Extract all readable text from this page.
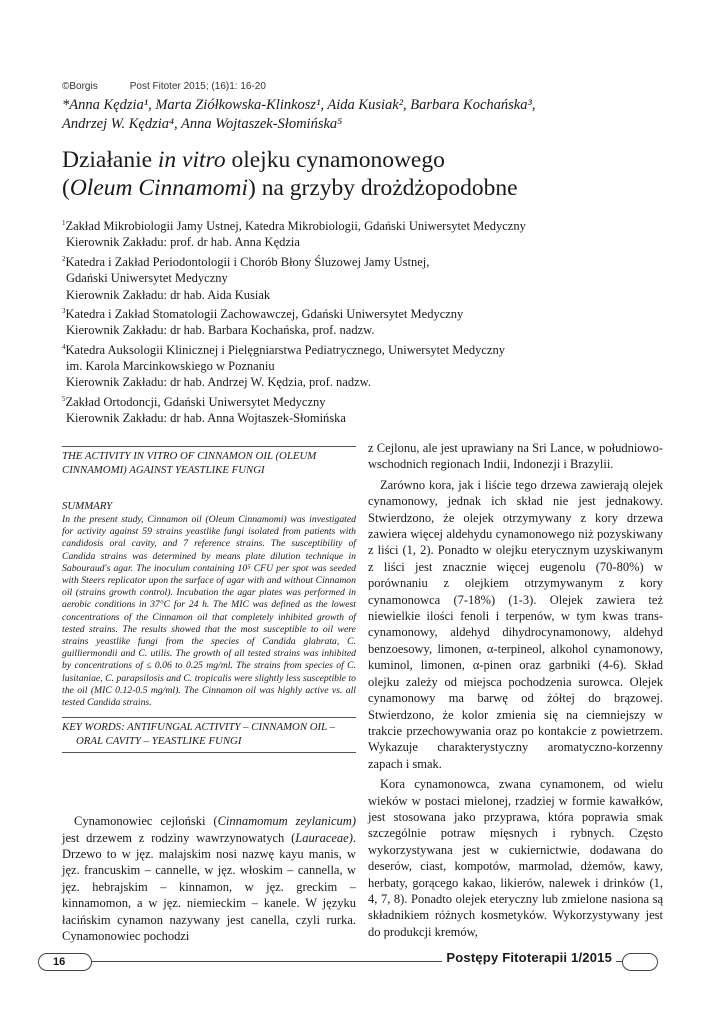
©Borgis	Post Fitoter 2015; (16)1: 16-20
*Anna Kędzia¹, Marta Ziółkowska-Klinkosz¹, Aida Kusiak², Barbara Kochańska³,
Andrzej W. Kędzia⁴, Anna Wojtaszek-Słomińska⁵
Działanie in vitro olejku cynamonowego
(Oleum Cinnamomi) na grzyby drożdżopodobne
$^1$Zakład Mikrobiologii Jamy Ustnej, Katedra Mikrobiologii, Gdański Uniwersytet Medyczny
Kierownik Zakładu: prof. dr hab. Anna Kędzia
$^2$Katedra i Zakład Periodontologii i Chorób Błony Śluzowej Jamy Ustnej,
Gdański Uniwersytet Medyczny
Kierownik Zakładu: dr hab. Aida Kusiak
$^3$Katedra i Zakład Stomatologii Zachowawczej, Gdański Uniwersytet Medyczny
Kierownik Zakładu: dr hab. Barbara Kochańska, prof. nadzw.
$^4$Katedra Auksologii Klinicznej i Pielęgniarstwa Pediatrycznego, Uniwersytet Medyczny
im. Karola Marcinkowskiego w Poznaniu
Kierownik Zakładu: dr hab. Andrzej W. Kędzia, prof. nadzw.
$^5$Zakład Ortodoncji, Gdański Uniwersytet Medyczny
Kierownik Zakładu: dr hab. Anna Wojtaszek-Słomińska
THE ACTIVITY IN VITRO OF CINNAMON OIL (OLEUM CINNAMOMI) AGAINST YEASTLIKE FUNGI
SUMMARY
In the present study, Cinnamon oil (Oleum Cinnamomi) was investigated for activity against 59 strains yeastlike fungi isolated from patients with candidosis oral cavity, and 7 reference strains. The susceptibility of Candida strains was determined by means plate dilution technique in Sabouraud's agar. The inoculum containing 10⁵ CFU per spot was seeded with Steers replicator upon the surface of agar with and without Cinnamon oil (strains growth control). Incubation the agar plates was performed in aerobic conditions in 37°C for 24 h. The MIC was defined as the lowest concentrations of the Cinnamon oil that completely inhibited growth of tested strains. The results showed that the most susceptible to oil were strains yeastlike fungi from the species of Candida glabrata, C. guilliermondii and C. utilis. The growth of all tested strains was inhibited by concentrations of ≤ 0.06 to 0.25 mg/ml. The strains from species of C. lusitaniae, C. parapsilosis and C. tropicalis were slightly less susceptible to the oil (MIC 0.12-0.5 mg/ml). The Cinnamon oil was highly active vs. all tested Candida strains.
KEY WORDS: ANTIFUNGAL ACTIVITY – CINNAMON OIL – ORAL CAVITY – YEASTLIKE FUNGI
Cynamonowiec cejloński (Cinnamomum zeylanicum) jest drzewem z rodziny wawrzynowatych (Lauraceae). Drzewo to w jęz. malajskim nosi nazwę kayu manis, w jęz. francuskim – cannelle, w jęz. włoskim – cannella, w jęz. hebrajskim – kinnamon, w jęz. greckim – kinnamomon, a w jęz. niemieckim – kanele. W języku łacińskim cynamon nazywany jest canella, czyli rurka. Cynamonowiec pochodzi

z Cejlonu, ale jest uprawiany na Sri Lance, w południowo-wschodnich regionach Indii, Indonezji i Brazylii.

Zarówno kora, jak i liście tego drzewa zawierają olejek cynamonowy, jednak ich skład nie jest jednakowy. Stwierdzono, że olejek otrzymywany z kory drzewa zawiera więcej aldehydu cynamonowego niż pozyskiwany z liści (1, 2). Ponadto w olejku eterycznym uzyskiwanym z liści jest znacznie więcej eugenolu (70-80%) w porównaniu z olejkiem otrzymywanym z kory cynamonowca (7-18%) (1-3). Olejek zawiera też niewielkie ilości fenoli i terpenów, w tym kwas trans-cynamonowy, aldehyd dihydrocynamonowy, aldehyd benzoesowy, limonen, α-terpineol, alkohol cynamonowy, kuminol, limonen, α-pinen oraz garbniki (4-6). Skład olejku zależy od miejsca pochodzenia surowca. Olejek cynamonowy ma barwę od żółtej do brązowej. Stwierdzono, że kolor zmienia się na ciemniejszy w trakcie przechowywania oraz po kontakcie z powietrzem. Wykazuje charakterystyczny aromatyczno-korzenny zapach i smak.

Kora cynamonowca, zwana cynamonem, od wielu wieków w postaci mielonej, rzadziej w formie kawałków, jest stosowana jako przyprawa, która poprawia smak szczególnie potraw mięsnych i rybnych. Często wykorzystywana jest w cukiernictwie, dodawana do deserów, ciast, kompotów, marmolad, dżemów, kawy, herbaty, gorącego kakao, likierów, nalewek i drinków (1, 4, 7, 8). Ponadto olejek eteryczny lub zmielone nasiona są składnikiem różnych kosmetyków. Wykorzystywany jest do produkcji kremów,

16	Postępy Fitoterapii 1/2015
